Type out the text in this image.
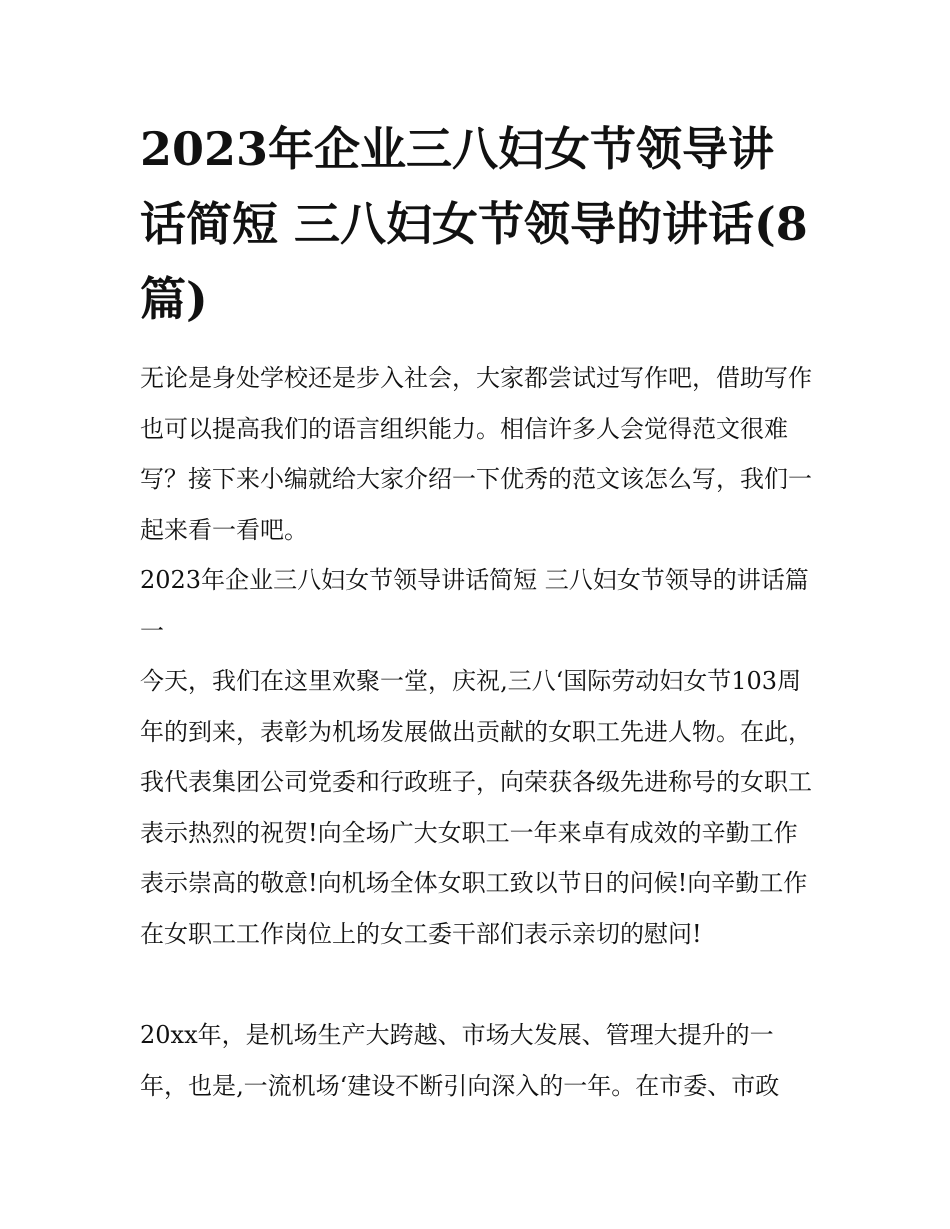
2023年企业三八妇女节领导讲话简短 三八妇女节领导的讲话(8篇)

无论是身处学校还是步入社会，大家都尝试过写作吧，借助写作也可以提高我们的语言组织能力。相信许多人会觉得范文很难写？接下来小编就给大家介绍一下优秀的范文该怎么写，我们一起来看一看吧。

2023年企业三八妇女节领导讲话简短 三八妇女节领导的讲话篇一

今天，我们在这里欢聚一堂，庆祝‚三八‘国际劳动妇女节103周年的到来，表彰为机场发展做出贡献的女职工先进人物。在此，我代表集团公司党委和行政班子，向荣获各级先进称号的女职工表示热烈的祝贺!向全场广大女职工一年来卓有成效的辛勤工作表示崇高的敬意!向机场全体女职工致以节日的问候!向辛勤工作在女职工工作岗位上的女工委干部们表示亲切的慰问!

20xx年，是机场生产大跨越、市场大发展、管理大提升的一年，也是‚一流机场‘建设不断引向深入的一年。在市委、市政
